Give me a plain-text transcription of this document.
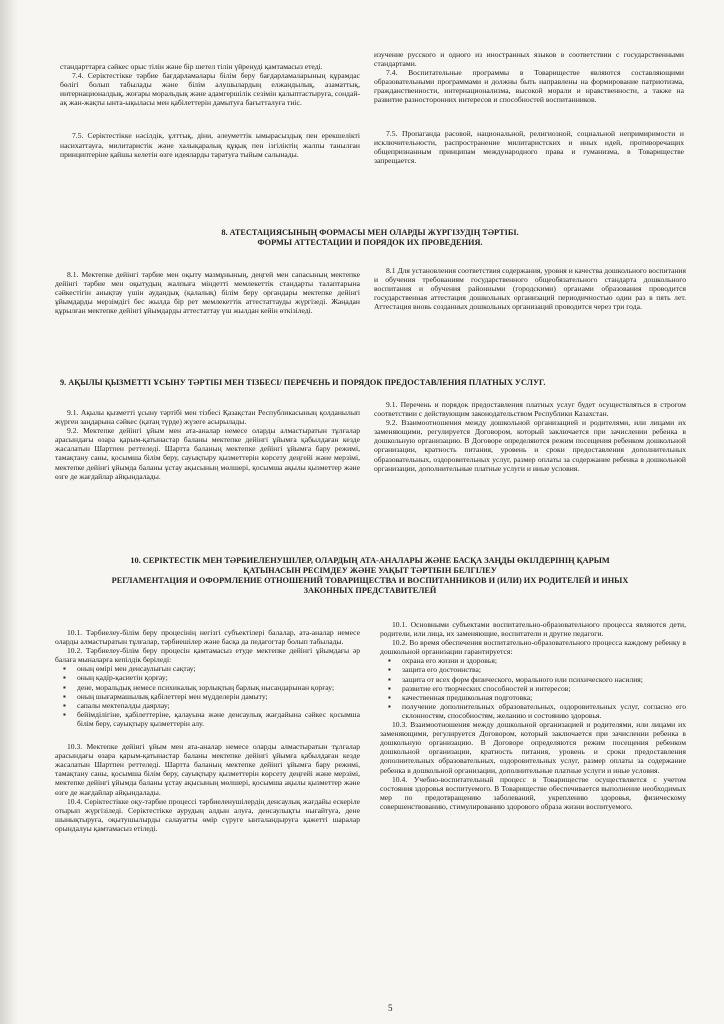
стандарттарға сәйкес орыс тілін және бір шетел тілін үйренуді қамтамасыз етеді.

7.4. Серіктестікке тәрбие бағдарламалары білім беру бағдарламаларының құрамдас бөлігі болып табылады және білім алушылардың елжандылық, азаматтық, интернационалдық, жоғары моральдық және адамгершілік сезімін қалыптастыруға, сондай-ақ жан-жақты ынта-ықыласы мен қабілеттерін дамытуға бағытталуға тиіс.

7.5. Серіктестікке нәсілдік, ұлттық, діни, әлеуметтік ымырасыздық пен ерекшелікті насихаттауға, милитаристік және халықаралық құқық пен ізгіліктің жалпы танылған принциптеріне қайшы келетін өзге идеяларды таратуға тыйым салынады.

изучение русского и одного из иностранных языков в соответствии с государственными стандартами.

7.4. Воспитательные программы в Товариществе являются составляющими образовательными программами и должны быть направлены на формирование патриотизма, гражданственности, интернационализма, высокой морали и нравственности, а также на развитие разносторонних интересов и способностей воспитанников.

7.5. Пропаганда расовой, национальной, религиозной, социальной непримиримости и исключительности, распространение милитаристских и иных идей, противоречащих общепризнанным принципам международного права и гуманизма, в Товариществе запрещается.

8. АТЕСТАЦИЯСЫНЫҢ ФОРМАСЫ МЕН ОЛАРДЫ ЖҮРГІЗУДІҢ ТӘРТІБІ.
ФОРМЫ АТТЕСТАЦИИ И ПОРЯДОК ИХ ПРОВЕДЕНИЯ.

8.1. Мектепке дейінгі тәрбие мен оқыту мазмұнының, деңгей мен сапасының мектепке дейінгі тәрбие мен оқытудың жалпыға міндетті мемлекеттік стандарты талаптарына сәйкестігін анықтау үшін аудандық (қалалық) білім беру органдары мектепке дейінгі ұйымдарды мерзімдігі бес жылда бір рет мемлекеттік аттестаттауды жүргізеді. Жаңадан құрылған мектепке дейінгі ұйымдарды аттестаттау үш жылдан кейін өткізіледі.

8.1 Для установления соответствия содержания, уровня и качества дошкольного воспитания и обучения требованиям государственного общеобязательного стандарта дошкольного воспитания и обучения районными (городскими) органами образования проводится государственная аттестация дошкольных организаций периодичностью один раз в пять лет. Аттестация вновь созданных дошкольных организаций проводится через три года.

9. АҚЫЛЫ ҚЫЗМЕТТІ ҰСЫНУ ТӘРТІБІ МЕН ТІЗБЕСІ/ ПЕРЕЧЕНЬ И ПОРЯДОК ПРЕДОСТАВЛЕНИЯ ПЛАТНЫХ УСЛУГ.

9.1. Ақылы қызметті ұсыну тәртібі мен тізбесі Қазақстан Республикасының қолданылып жүрген заңдарына сәйкес (қатаң түрде) жүзеге асырылады.

9.2. Мектепке дейінгі ұйым мен ата-аналар немесе оларды алмастыратын тұлғалар арасындағы өзара қарым-қатынастар баланы мектепке дейінгі ұйымға қабылдаған кезде жасалатын Шартпен реттеледі. Шартта баланың мектепке дейінгі ұйымға бару режимі, тамақтану саны, қосымша білім беру, сауықтыру қызметтерін көрсету деңгейі және мерзімі, мектепке дейінгі ұйымда баланы ұстау ақысының мөлшері, қосымша ақылы қызметтер және өзге де жағдайлар айқындалады.

9.1. Перечень и порядок предоставления платных услуг будет осуществляться в строгом соответствии с действующим законодательством Республики Казахстан.

9.2. Взаимоотношения между дошкольной организацией и родителями, или лицами их заменяющими, регулируется Договором, который заключается при зачислении ребенка в дошкольную организацию. В Договоре определяются режим посещения ребенком дошкольной организации, кратность питания, уровень и сроки предоставления дополнительных образовательных, оздоровительных услуг, размер оплаты за содержание ребенка в дошкольной организации, дополнительные платные услуги и иные условия.

10. СЕРІКТЕСТІК МЕН ТӘРБИЕЛЕНУШІЛЕР, ОЛАРДЫҢ АТА-АНАЛАРЫ ЖӘНЕ БАСҚА ЗАҢДЫ ӨКІЛДЕРІНІҢ ҚАРЫМ
ҚАТЫНАСЫН РЕСІМДЕУ ЖӘНЕ УАҚЫТ ТӘРТІБІН БЕЛГІЛЕУ
РЕГЛАМЕНТАЦИЯ И ОФОРМЛЕНИЕ ОТНОШЕНИЙ ТОВАРИЩЕСТВА И ВОСПИТАННИКОВ И (ИЛИ) ИХ РОДИТЕЛЕЙ И ИНЫХ
ЗАКОННЫХ ПРЕДСТАВИТЕЛЕЙ

10.1. Тәрбиелеу-білім беру процесінің негізгі субъектілері балалар, ата-аналар немесе оларды алмастыратын тұлғалар, тәрбиешілер және басқа да педагогтар болып табылады.

10.2. Тәрбиелеу-білім беру процесін қамтамасыз етуде мектепке дейінгі ұйымдағы әр балаға мыналарға кепілдік беріледі:

▪ оның өмірі мен денсаулығын сақтау;
▪ оның қадір-қасиетін қорғау;
▪ дене, моральдық немесе психикалық зорлықтың барлық нысандарынан қорғау;
▪ оның шығармашылық қабілеттері мен мүдделерін дамыту;
▪ сапалы мектепалды даярлау;
▪ бейімділігіне, қабілеттеріне, қалауына және денсаулық жағдайына сәйкес қосымша білім беру, сауықтыру қызметтерін алу.

10.3. Мектепке дейінгі ұйым мен ата-аналар немесе оларды алмастыратын тұлғалар арасындағы өзара қарым-қатынастар баланы мектепке дейінгі ұйымға қабылдаған кезде жасалатын Шартпен реттеледі. Шартта баланың мектепке дейінгі ұйымға бару режимі, тамақтану саны, қосымша білім беру, сауықтыру қызметтерін көрсету деңгейі және мерзімі, мектепке дейінгі ұйымда баланы ұстау ақысының мөлшері, қосымша ақылы қызметтер және өзге де жағдайлар айқындалады.

10.4. Серіктестікке оқу-тәрбие процессі тәрбиеленушілердің денсаулық жағдайы ескеріле отырып жүргізіледі. Серіктестікке аурудың алдын алуға, денсаулықты нығайтуға, дене шынықтыруға, оқытушылырды салауатты өмір сүруге ынталандыруға қажетті шаралар орындалуы қамтамасыз етіледі.

10.1. Основными субъектами воспитательно-образовательного процесса являются дети, родители, или лица, их заменяющие, воспитатели и другие педагоги.

10.2. Во время обеспечения воспитательно-образовательного процесса каждому ребенку в дошкольной организации гарантируется:

▪ охрана его жизни и здоровья;
▪ защита его достоинства;
▪ защита от всех форм физического, морального или психического насилия;
▪ развитие его творческих способностей и интересов;
▪ качественная предшкольная подготовка;
▪ получение дополнительных образовательных, оздоровительных услуг, согласно его склонностям, способностям, желанию и состоянию здоровья.

10.3. Взаимоотношения между дошкольной организацией и родителями, или лицами их заменяющими, регулируется Договором, который заключается при зачислении ребенка в дошкольную организацию. В Договоре определяются режим посещения ребенком дошкольной организации, кратность питания, уровень и сроки предоставления дополнительных образовательных, оздоровительных услуг, размер оплаты за содержание ребенка в дошкольной организации, дополнительные платные услуги и иные условия.

10.4. Учебно-воспитательный процесс в Товариществе осуществляется с учетом состояния здоровья воспитуемого. В Товариществе обеспечивается выполнение необходимых мер по предотвращению заболеваний, укреплению здоровья, физическому совершенствованию, стимулированию здорового образа жизни воспитуемого.

5
